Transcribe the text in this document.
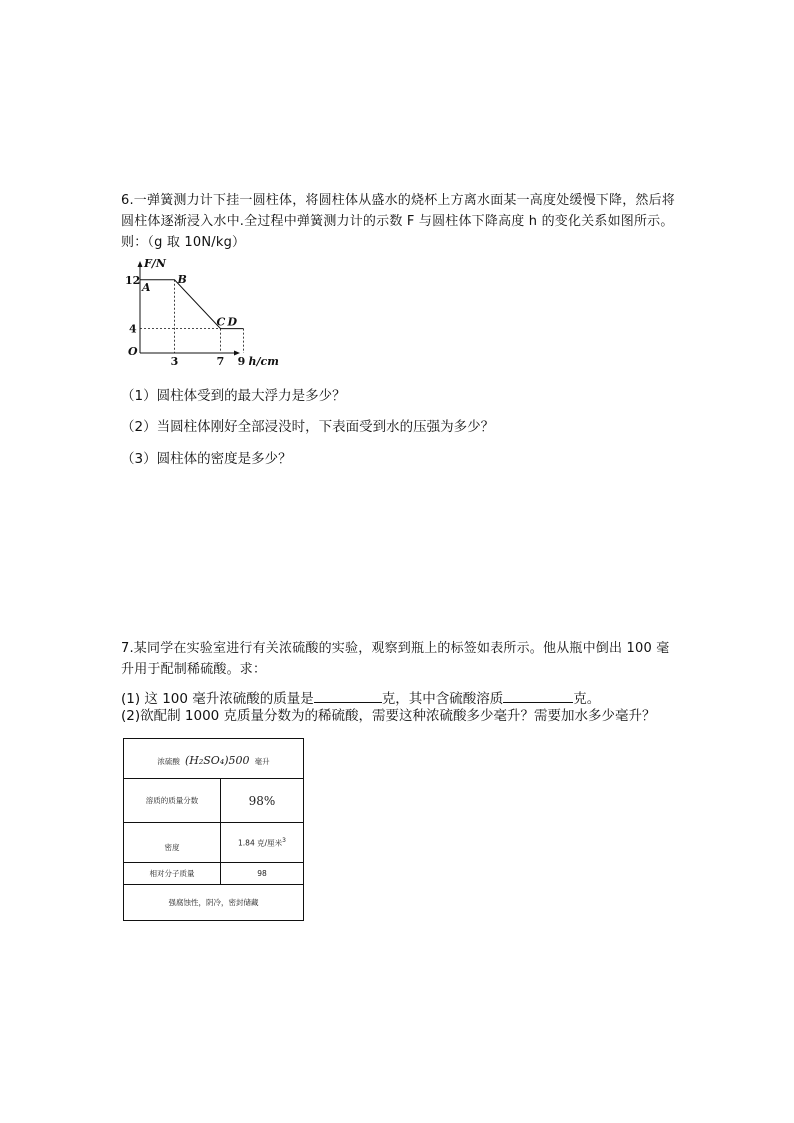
6.一弹簧测力计下挂一圆柱体，将圆柱体从盛水的烧杯上方离水面某一高度处缓慢下降，然后将圆柱体逐渐浸入水中.全过程中弹簧测力计的示数 F 与圆柱体下降高度 h 的变化关系如图所示。则：（g 取 10N/kg）
F/N
h/cm
O
12
4
3	7 9
A
B
C D
（1）圆柱体受到的最大浮力是多少？
（2）当圆柱体刚好全部浸没时，下表面受到水的压强为多少？
（3）圆柱体的密度是多少？
7.某同学在实验室进行有关浓硫酸的实验，观察到瓶上的标签如表所示。他从瓶中倒出 100 毫升用于配制稀硫酸。求：
(1) 这 100 毫升浓硫酸的质量是	克，其中含硫酸溶质	克。
(2)欲配制 1000 克质量分数为的稀硫酸，需要这种浓硫酸多少毫升？需要加水多少毫升？
浓硫酸 (H₂SO₄)500 毫升	
溶质的质量分数	98%
密度	1.84 克/厘米$^3$
相对分子质量	98
强腐蚀性，阴冷，密封储藏	
